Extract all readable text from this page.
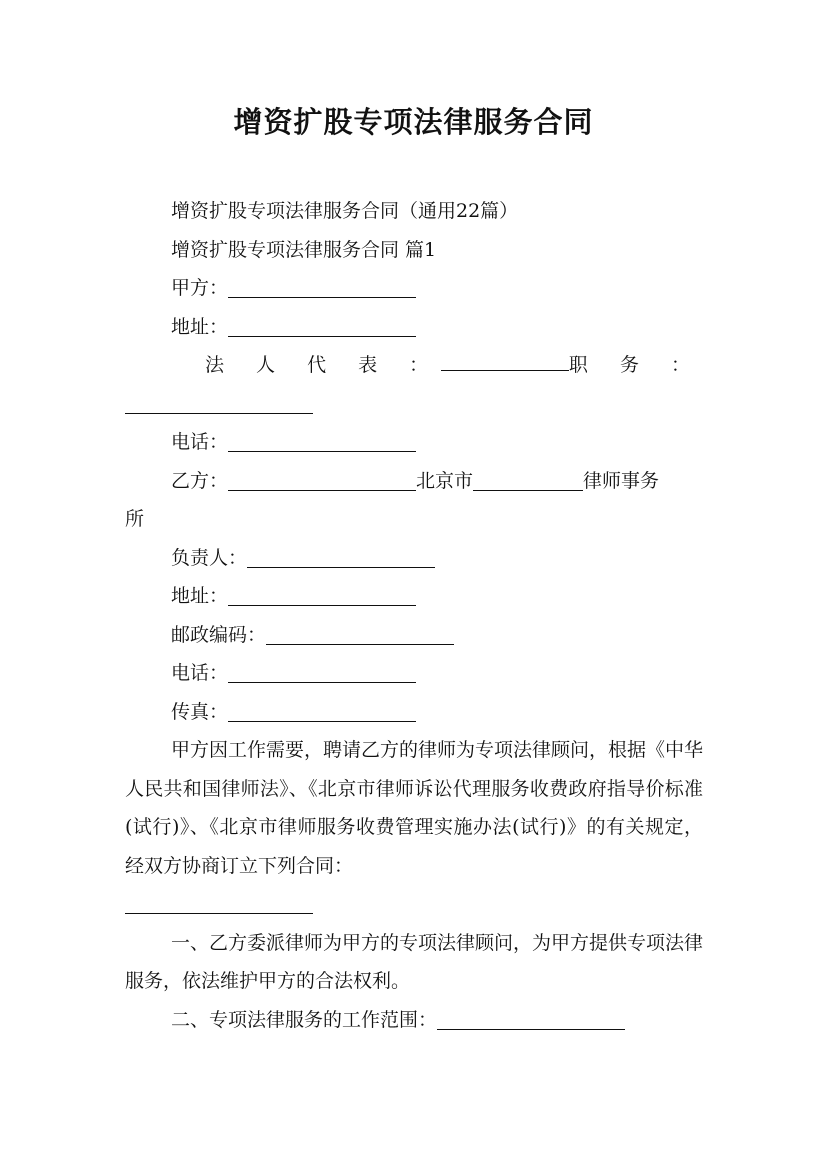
增资扩股专项法律服务合同

增资扩股专项法律服务合同（通用22篇）

增资扩股专项法律服务合同 篇1

甲方：

地址：

法 人 代 表 ：	职 务 ：

电话：

乙方：	北京市	律师事务

所

负责人：

地址：

邮政编码：

电话：

传真：

甲方因工作需要，聘请乙方的律师为专项法律顾问，根据《中华人民共和国律师法》、《北京市律师诉讼代理服务收费政府指导价标准(试行)》、《北京市律师服务收费管理实施办法(试行)》的有关规定，经双方协商订立下列合同：

一、乙方委派律师为甲方的专项法律顾问，为甲方提供专项法律服务，依法维护甲方的合法权利。

二、专项法律服务的工作范围：
